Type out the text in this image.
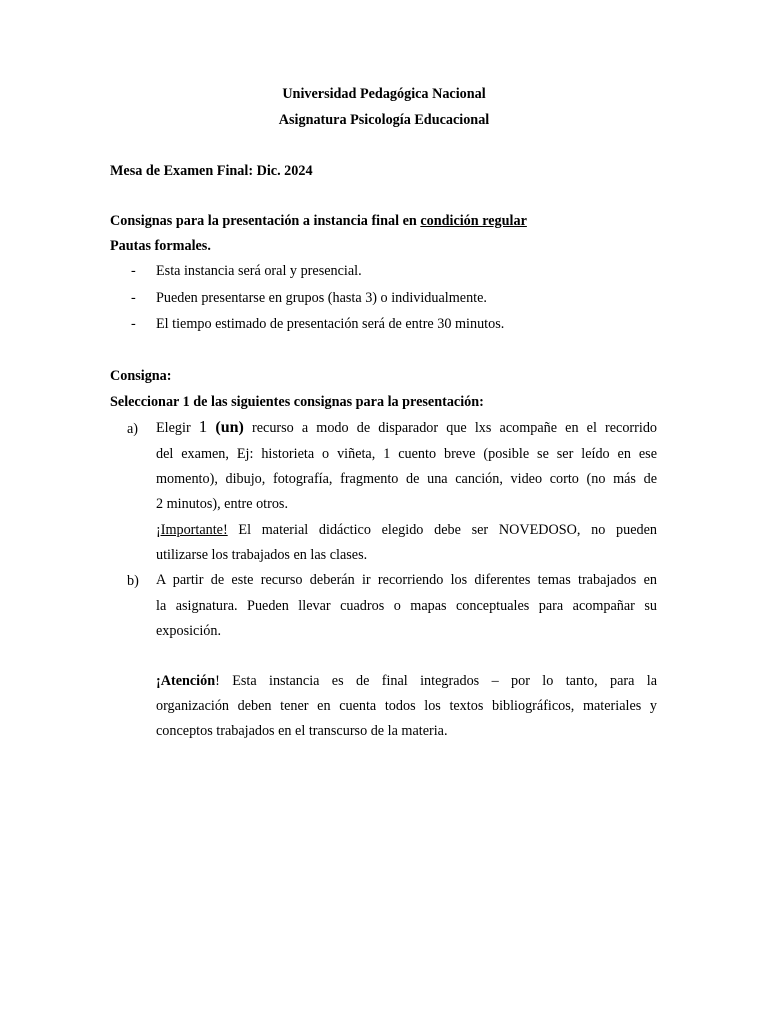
Universidad Pedagógica Nacional
Asignatura Psicología Educacional
Mesa de Examen Final: Dic. 2024
Consignas para la presentación a instancia final en condición regular
Pautas formales.
- Esta instancia será oral y presencial.
- Pueden presentarse en grupos (hasta 3) o individualmente.
- El tiempo estimado de presentación será de entre 30 minutos.
Consigna:
Seleccionar 1 de las siguientes consignas para la presentación:
a) Elegir 1 (un) recurso a modo de disparador que lxs acompañe en el recorrido
del examen, Ej: historieta o viñeta, 1 cuento breve (posible se ser leído en ese
momento), dibujo, fotografía, fragmento de una canción, video corto (no más de
2 minutos), entre otros.
¡Importante! El material didáctico elegido debe ser NOVEDOSO, no pueden
utilizarse los trabajados en las clases.
b) A partir de este recurso deberán ir recorriendo los diferentes temas trabajados en
la asignatura. Pueden llevar cuadros o mapas conceptuales para acompañar su
exposición.
¡Atención! Esta instancia es de final integrados – por lo tanto, para la
organización deben tener en cuenta todos los textos bibliográficos, materiales y
conceptos trabajados en el transcurso de la materia.
